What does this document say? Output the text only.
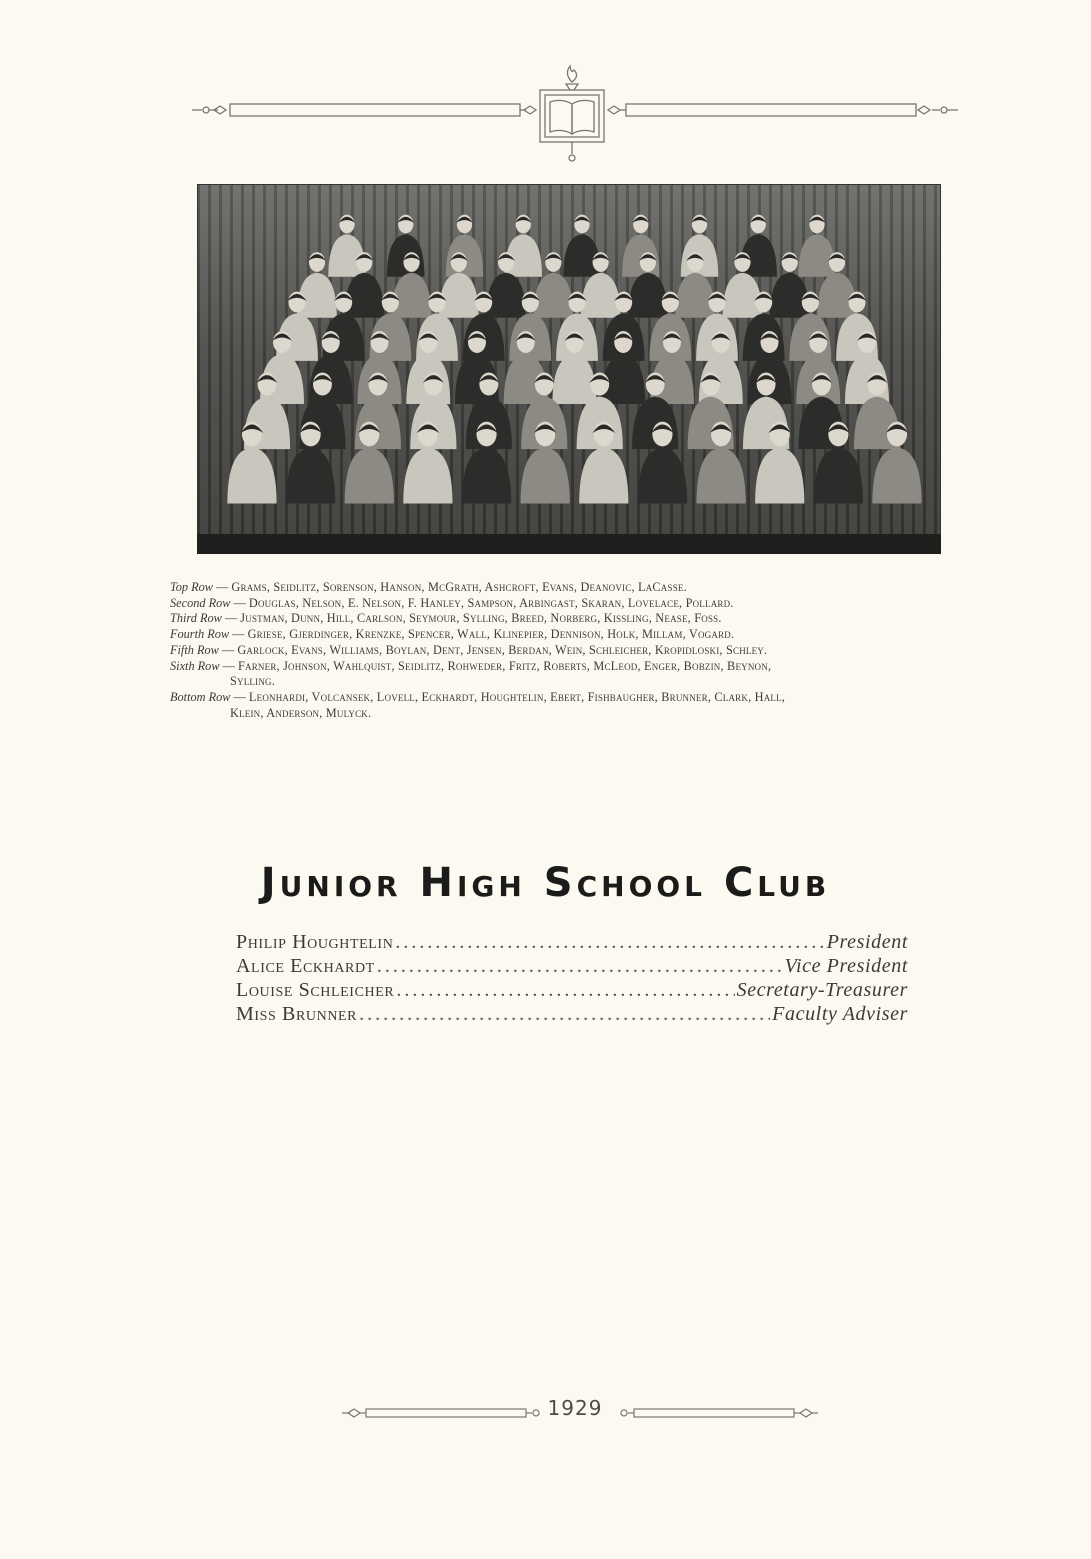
Top Row — Grams, Seidlitz, Sorenson, Hanson, McGrath, Ashcroft, Evans, Deanovic, LaCasse.
Second Row — Douglas, Nelson, E. Nelson, F. Hanley, Sampson, Arbingast, Skaran, Lovelace, Pollard.
Third Row — Justman, Dunn, Hill, Carlson, Seymour, Sylling, Breed, Norberg, Kissling, Nease, Foss.
Fourth Row — Griese, Gjerdinger, Krenzke, Spencer, Wall, Klinepier, Dennison, Holk, Millam, Vogard.
Fifth Row — Garlock, Evans, Williams, Boylan, Dent, Jensen, Berdan, Wein, Schleicher, Kropidloski, Schley.
Sixth Row — Farner, Johnson, Wahlquist, Seidlitz, Rohweder, Fritz, Roberts, McLeod, Enger, Bobzin, Beynon,
Sylling.
Bottom Row — Leonhardi, Volcansek, Lovell, Eckhardt, Houghtelin, Ebert, Fishbaugher, Brunner, Clark, Hall,
Klein, Anderson, Mulyck.
Junior High School Club
Philip Houghtelin .....	President
Alice Eckhardt .....	Vice President
Louise Schleicher .....	Secretary-Treasurer
Miss Brunner .....	Faculty Adviser
1929
